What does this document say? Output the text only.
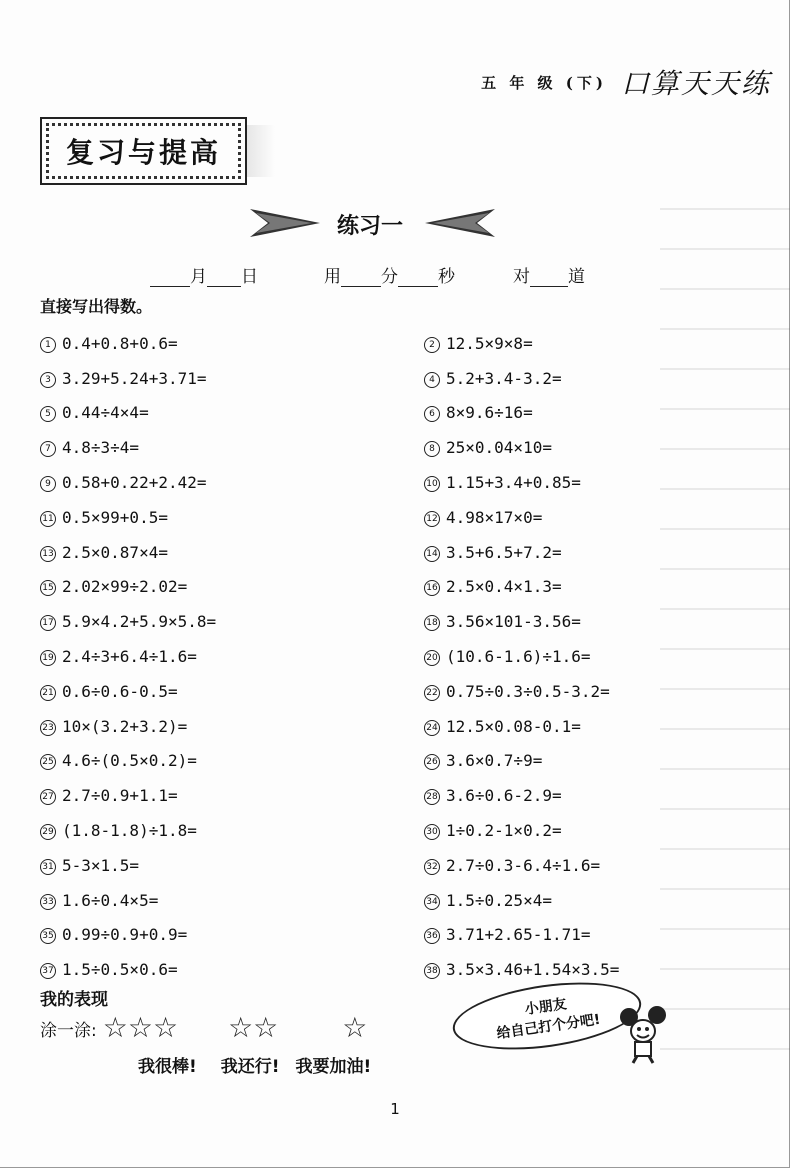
五 年 级 (下) 口算天天练
复习与提高
练习一
月 日	用 分 秒	对 道
直接写出得数。
1 0.4+0.8+0.6=	2 12.5×9×8=
3 3.29+5.24+3.71=	4 5.2+3.4-3.2=
5 0.44÷4×4=	6 8×9.6÷16=
7 4.8÷3÷4=	8 25×0.04×10=
9 0.58+0.22+2.42=	10 1.15+3.4+0.85=
11 0.5×99+0.5=	12 4.98×17×0=
13 2.5×0.87×4=	14 3.5+6.5+7.2=
15 2.02×99÷2.02=	16 2.5×0.4×1.3=
17 5.9×4.2+5.9×5.8=	18 3.56×101-3.56=
19 2.4÷3+6.4÷1.6=	20 (10.6-1.6)÷1.6=
21 0.6÷0.6-0.5=	22 0.75÷0.3÷0.5-3.2=
23 10×(3.2+3.2)=	24 12.5×0.08-0.1=
25 4.6÷(0.5×0.2)=	26 3.6×0.7÷9=
27 2.7÷0.9+1.1=	28 3.6÷0.6-2.9=
29 (1.8-1.8)÷1.8=	30 1÷0.2-1×0.2=
31 5-3×1.5=	32 2.7÷0.3-6.4÷1.6=
33 1.6÷0.4×5=	34 1.5÷0.25×4=
35 0.99÷0.9+0.9=	36 3.71+2.65-1.71=
37 1.5÷0.5×0.6=	38 3.5×3.46+1.54×3.5=
我的表现
涂一涂: ☆ ☆ ☆ ☆ ☆ ☆
我很棒! 我还行! 我要加油!
小朋友
给自己打个分吧!
1
